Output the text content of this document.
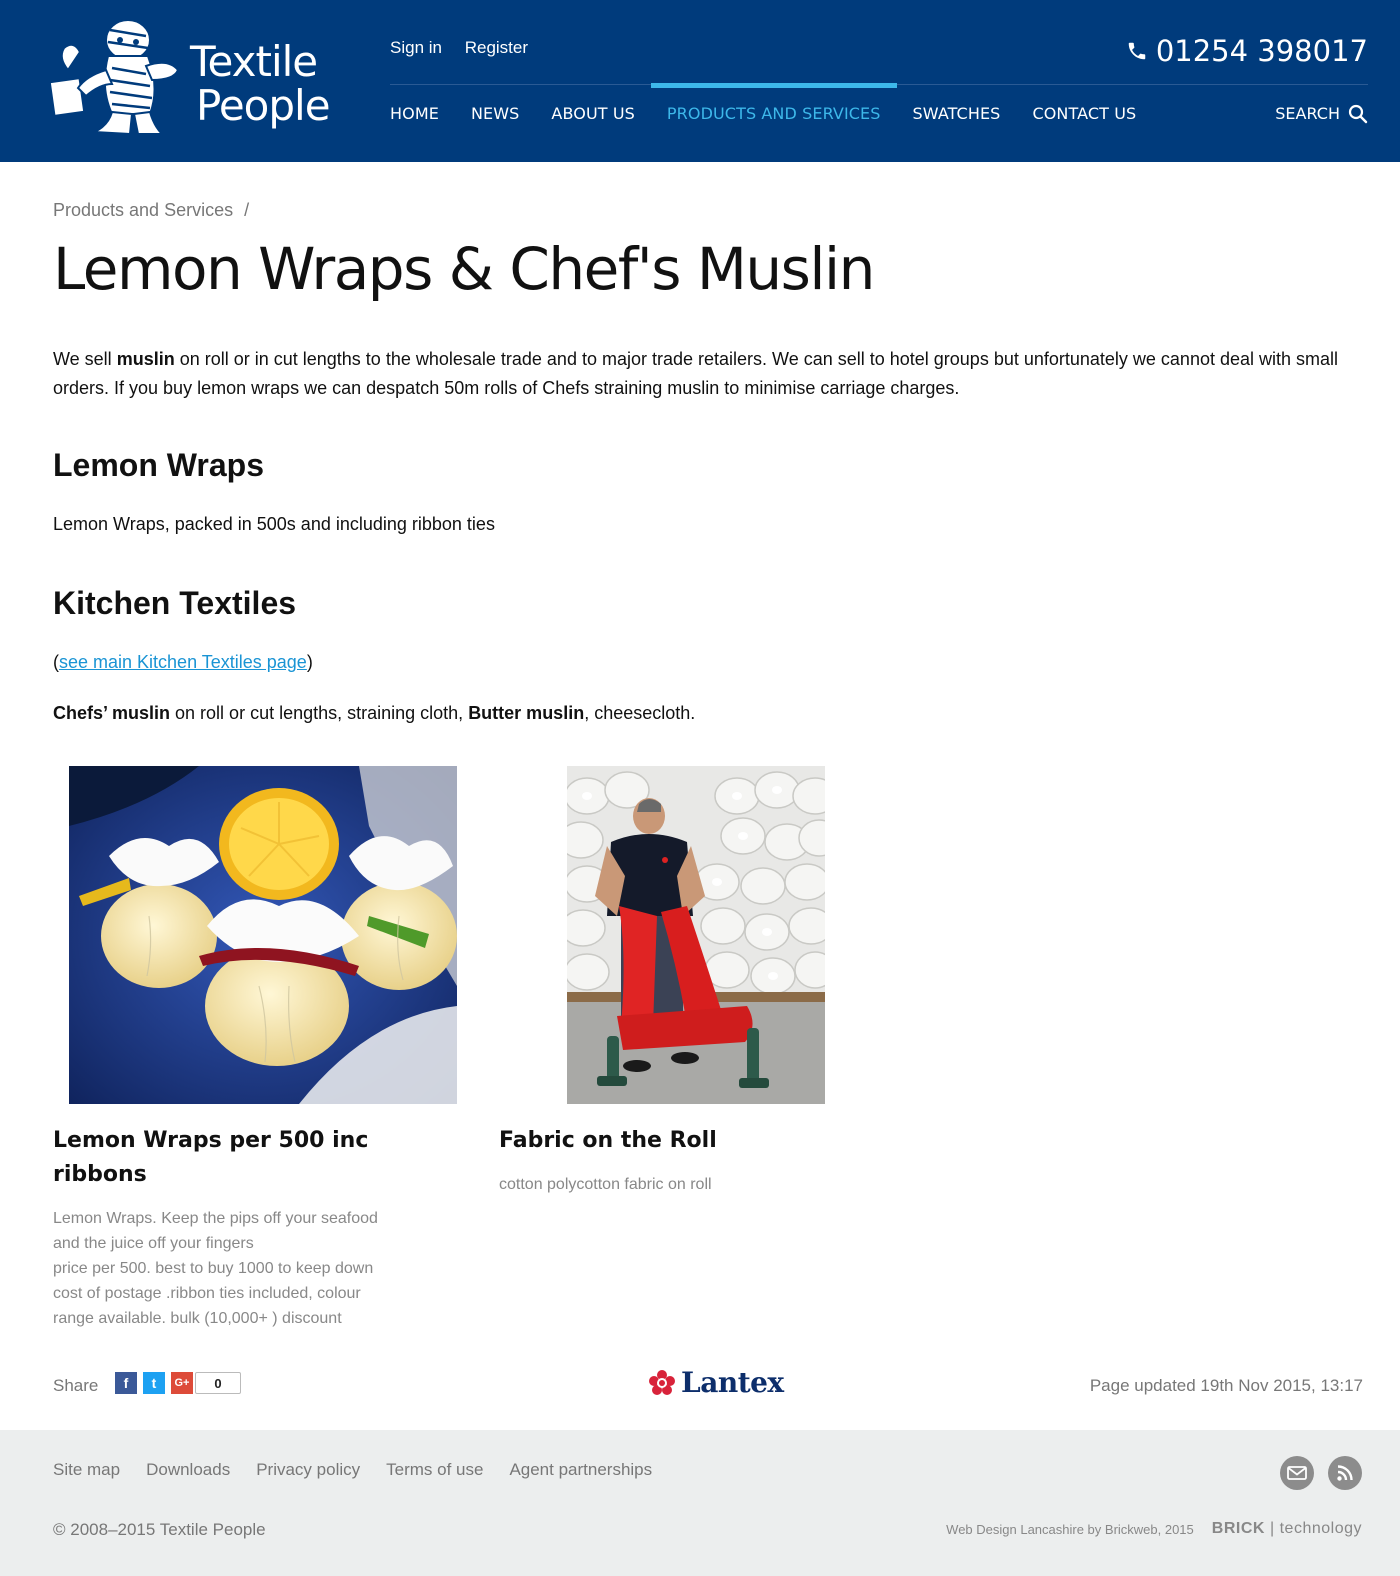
Textile
People
Sign in Register	01254 398017
HOME	NEWS	ABOUT US	PRODUCTS AND SERVICES	SWATCHES	CONTACT US	SEARCH
Products and Services /
Lemon Wraps & Chef's Muslin

We sell muslin on roll or in cut lengths to the wholesale trade and to major trade retailers. We can sell to hotel groups but unfortunately we cannot deal with small orders. If you buy lemon wraps we can despatch 50m rolls of Chefs straining muslin to minimise carriage charges.

Lemon Wraps

Lemon Wraps, packed in 500s and including ribbon ties

Kitchen Textiles

(see main Kitchen Textiles page)

Chefs’ muslin on roll or cut lengths, straining cloth, Butter muslin, cheesecloth.

Lemon Wraps per 500 inc ribbons
Lemon Wraps. Keep the pips off your seafood
and the juice off your fingers
price per 500. best to buy 1000 to keep down
cost of postage .ribbon ties included, colour
range available. bulk (10,000+ ) discount
Fabric on the Roll
cotton polycotton fabric on roll
Share	f	t	G+	0	Lantex	Page updated 19th Nov 2015, 13:17
Site map Downloads Privacy policy Terms of use Agent partnerships
© 2008–2015 Textile People	Web Design Lancashire by Brickweb, 2015 BRICK | technology
